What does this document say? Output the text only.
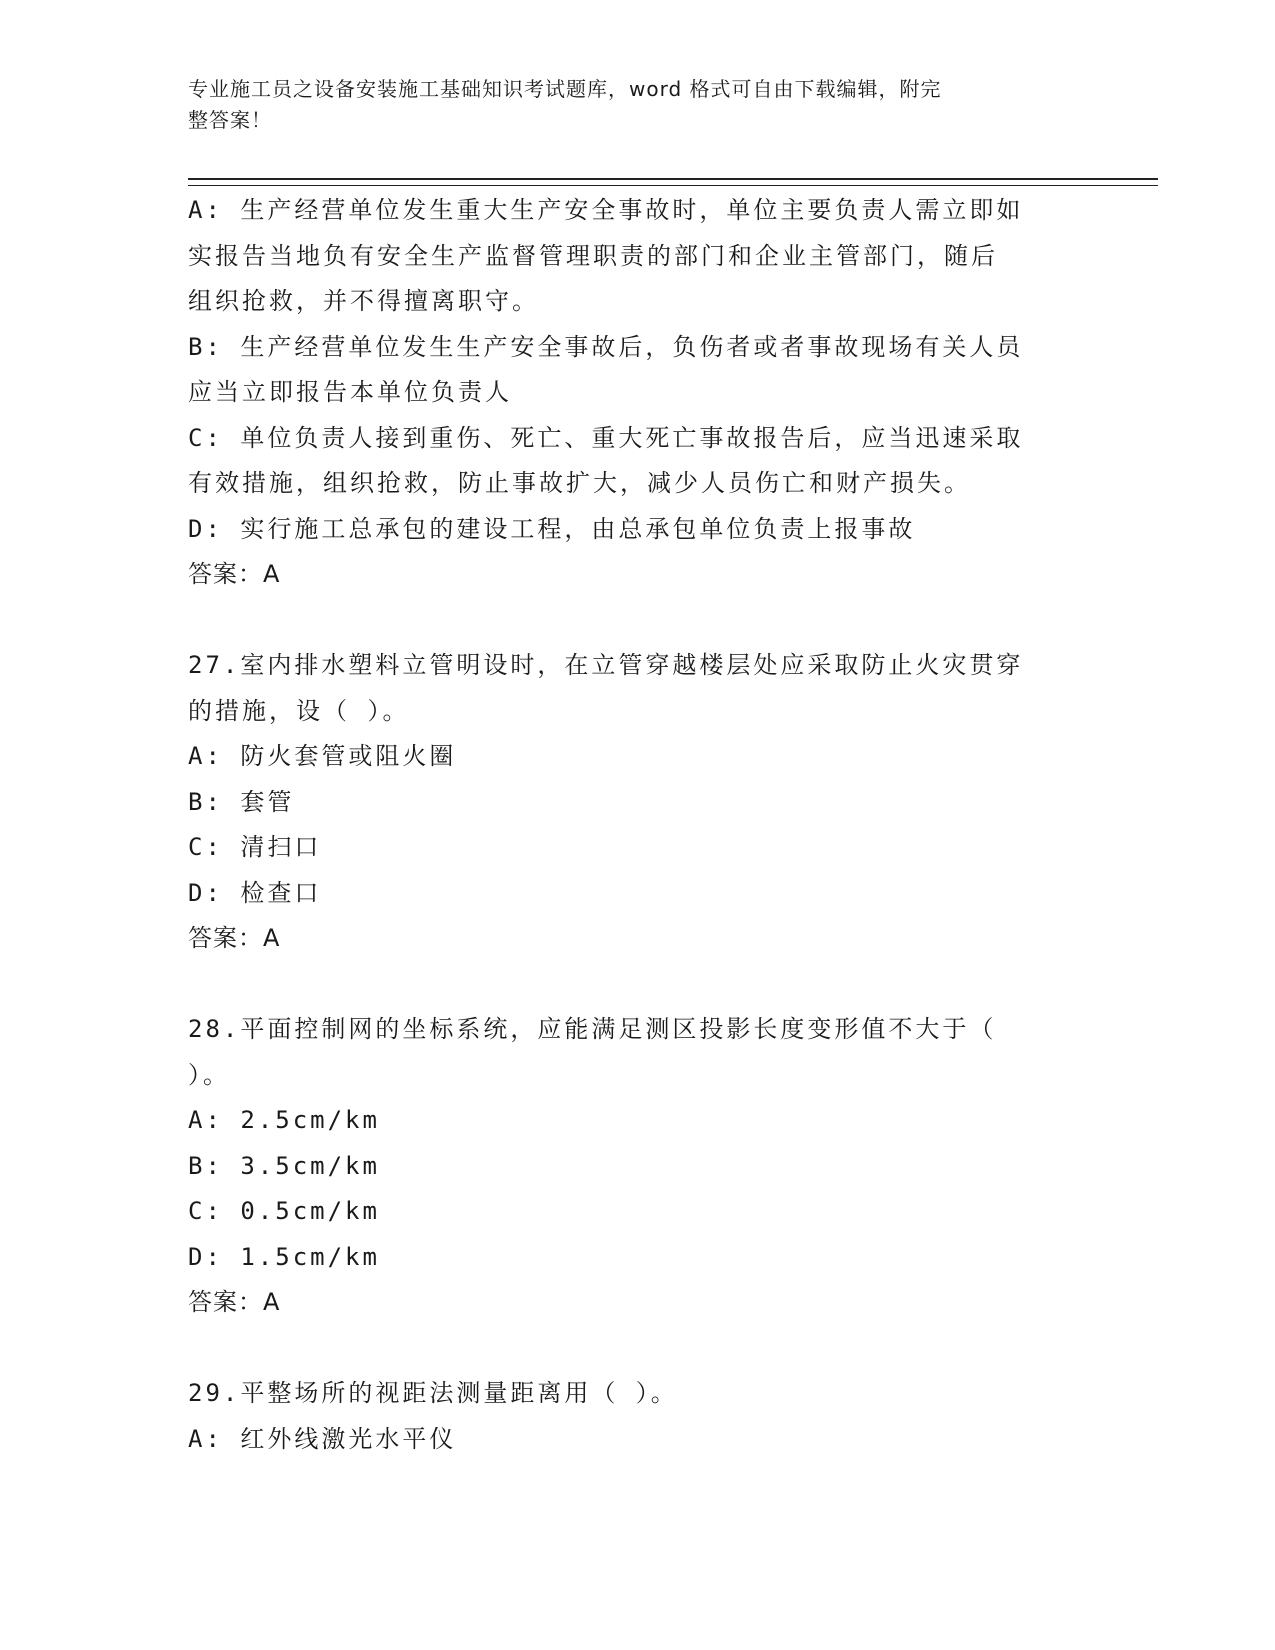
专业施工员之设备安装施工基础知识考试题库，word 格式可自由下载编辑，附完
整答案！
A: 生产经营单位发生重大生产安全事故时，单位主要负责人需立即如
实报告当地负有安全生产监督管理职责的部门和企业主管部门，随后
组织抢救，并不得擅离职守。
B: 生产经营单位发生生产安全事故后，负伤者或者事故现场有关人员
应当立即报告本单位负责人
C: 单位负责人接到重伤、死亡、重大死亡事故报告后，应当迅速采取
有效措施，组织抢救，防止事故扩大，减少人员伤亡和财产损失。
D: 实行施工总承包的建设工程，由总承包单位负责上报事故
答案：A
27.室内排水塑料立管明设时，在立管穿越楼层处应采取防止火灾贯穿
的措施，设（ ）。
A: 防火套管或阻火圈
B: 套管
C: 清扫口
D: 检查口
答案：A
28.平面控制网的坐标系统，应能满足测区投影长度变形值不大于（
）。
A: 2.5cm/km
B: 3.5cm/km
C: 0.5cm/km
D: 1.5cm/km
答案：A
29.平整场所的视距法测量距离用（ ）。
A: 红外线激光水平仪
